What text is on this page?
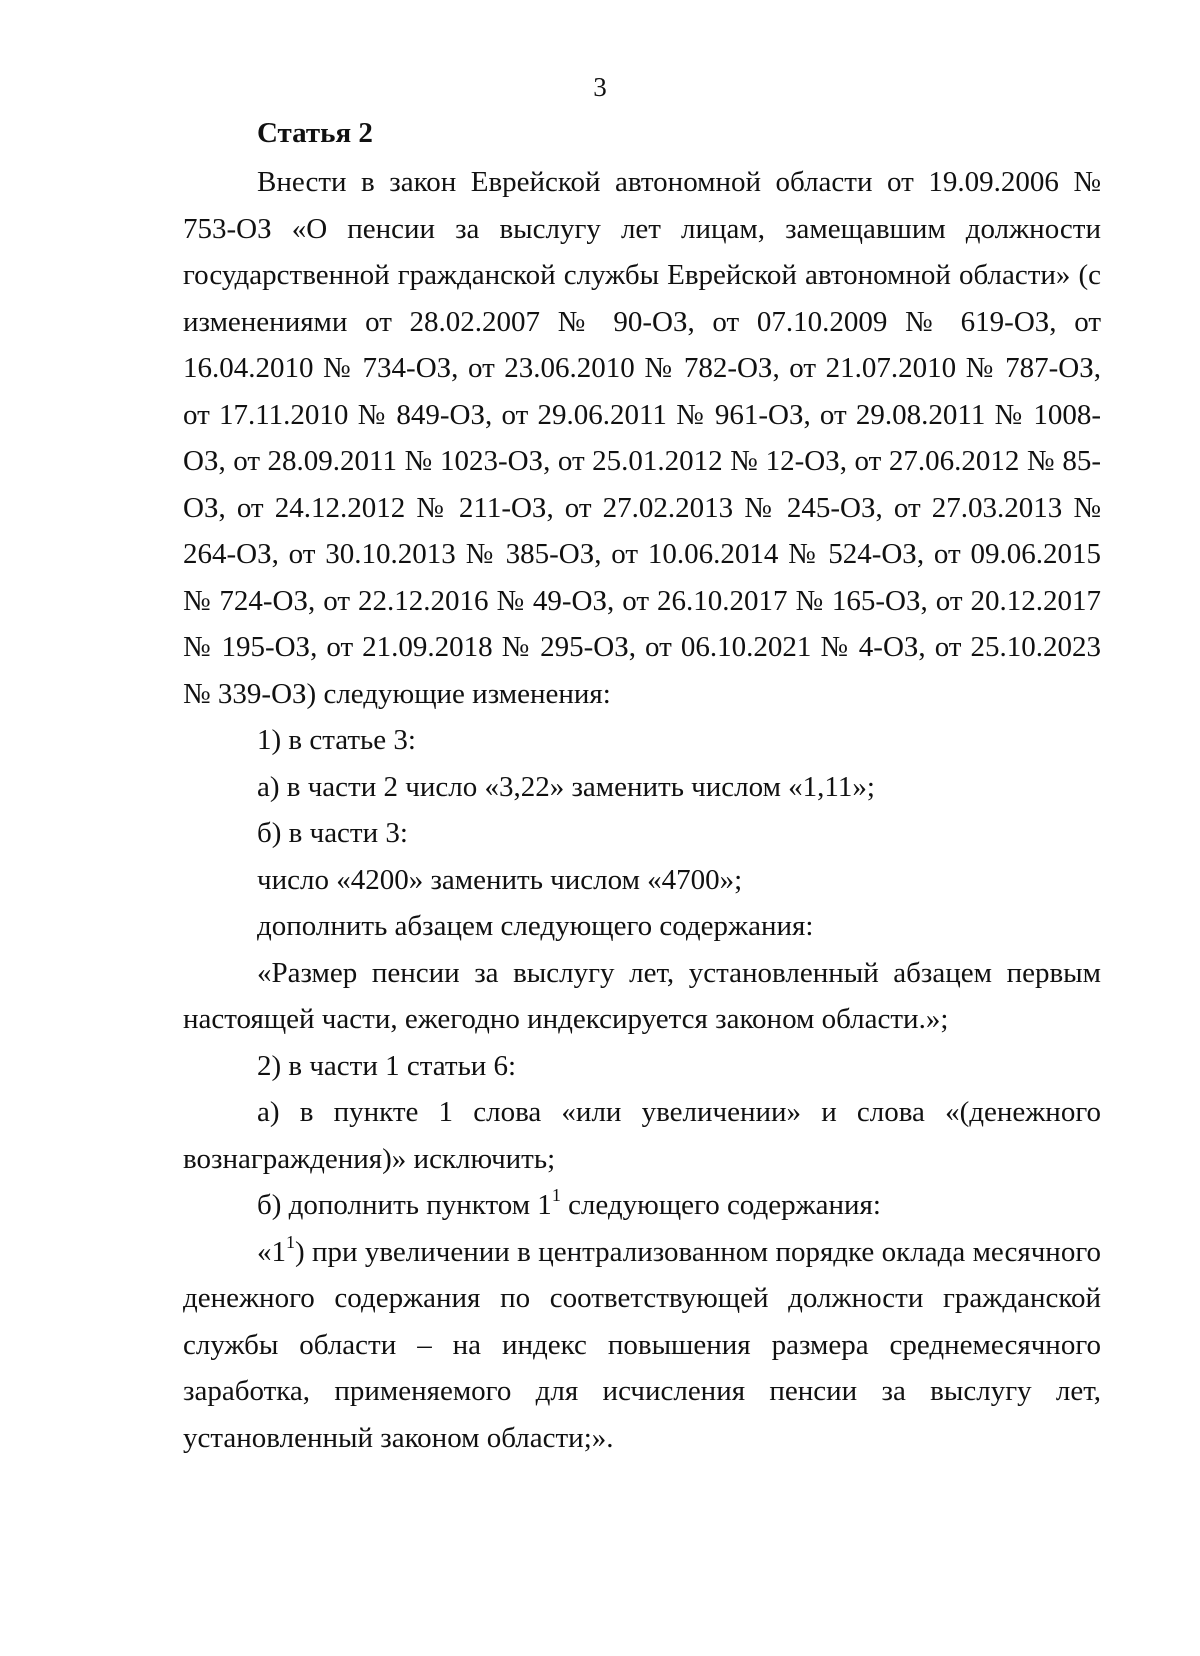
3
Статья 2

Внести в закон Еврейской автономной области от 19.09.2006 № 753-ОЗ «О пенсии за выслугу лет лицам, замещавшим должности государственной гражданской службы Еврейской автономной области» (с изменениями от 28.02.2007 № 90-ОЗ, от 07.10.2009 № 619-ОЗ, от 16.04.2010 № 734-ОЗ, от 23.06.2010 № 782-ОЗ, от 21.07.2010 № 787-ОЗ, от 17.11.2010 № 849-ОЗ, от 29.06.2011 № 961-ОЗ, от 29.08.2011 № 1008-ОЗ, от 28.09.2011 № 1023-ОЗ, от 25.01.2012 № 12-ОЗ, от 27.06.2012 № 85-ОЗ, от 24.12.2012 № 211-ОЗ, от 27.02.2013 № 245-ОЗ, от 27.03.2013 № 264-ОЗ, от 30.10.2013 № 385-ОЗ, от 10.06.2014 № 524-ОЗ, от 09.06.2015 № 724-ОЗ, от 22.12.2016 № 49-ОЗ, от 26.10.2017 № 165-ОЗ, от 20.12.2017 № 195-ОЗ, от 21.09.2018 № 295-ОЗ, от 06.10.2021 № 4-ОЗ, от 25.10.2023 № 339-ОЗ) следующие изменения:

1) в статье 3:

а) в части 2 число «3,22» заменить числом «1,11»;

б) в части 3:

число «4200» заменить числом «4700»;

дополнить абзацем следующего содержания:

«Размер пенсии за выслугу лет, установленный абзацем первым настоящей части, ежегодно индексируется законом области.»;

2) в части 1 статьи 6:

а) в пункте 1 слова «или увеличении» и слова «(денежного вознаграждения)» исключить;

б) дополнить пунктом $1^1$ следующего содержания:

«$1^1$) при увеличении в централизованном порядке оклада месячного денежного содержания по соответствующей должности гражданской службы области – на индекс повышения размера среднемесячного заработка, применяемого для исчисления пенсии за выслугу лет, установленный законом области;».
